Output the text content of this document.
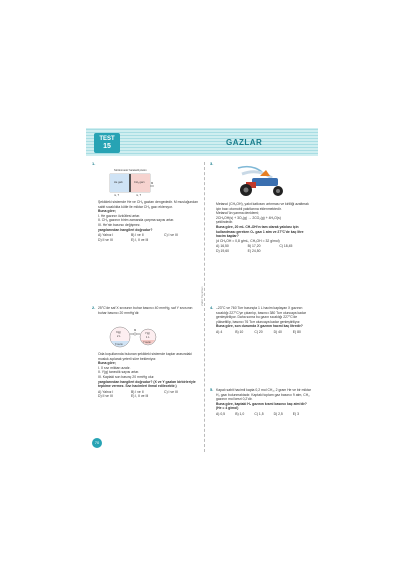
TEST
15	GAZLAR
Zafer Yayınları
Sürtünmesiz hareketli piston
He gazı	CH₄ gazı	M
m, T	m, T
1.

Şekildeki sistemde He ve CH₄ gazları dengededir. M musluğundan sabit sıcaklıkta kütle ile miktar CH₄ gazı eklenıyor.

Buna göre;

I. He gazının özkütlesi artar.

II. CH₄ gazının birim zamanda çarpma sayısı artar.

III. He'nin basıncı değişmez.

yargılarından hangileri doğrudur?

A) Yalnız I	B) I ve II	C) I ve III
D) II ve III	E) I, II ve III
2. 25°C'de saf X sıvısının buhar basıncı 40 mmHg, saf Y sıvısının buhar basıncı 20 mmHg'dir.

M
X(g)
2 L
X sıvısı
Y(g)
1 L
Y sıvısı

Oda koşullarında bulunan şekildeki sistemde kaplar arasındaki musluk açılarak yeterli süre bekleniyor.

Buna göre;

I. X sıvı miktarı azalır.

II. Y(g) taneciik sayısı artar.

III. Kaptaki son basınç 20 mmHg olur.

yargılarından hangileri doğrudur? (X ve Y gazları birbirleriyle tepkime vermez. Sıvı hacimleri ihmal edilecektir.)

A) Yalnız I	B) I ve II	C) I ve III
D) II ve III	E) I, II ve III
3.

Metanol (CH₃OH), yakıt katkısını artırması ve kirliliği azaltmak için bazı otomobil yakıtlarına eklenmektedir.

Metanol'ün yanma denklemi;

2CH₃OH(s) + 3O₂(g) → 2CO₂(g) + 4H₂O(s)

şeklindedir.

Buna göre, 20 mL CH₃OH'ın tam olarak yakılası için kullanılması gereken O₂ gazı 1 atm ve 27°C'de kaç litre hacim kaplar?

(d CH₃OH = 0,8 g/mL, CH₃OH = 32 g/mol)

A) 16,50	B) 17,20	C) 18,45
D) 19,60	E) 24,50
4. –23°C ve 760 Torr basınçta 1 L hacim kaplayan X gazının sıcaklığı 227°C'ye çıkarılıp, basıncı 380 Torr oluncaya kadar genleştiriliyor. Daha sonra bu gazın sıcaklığı 227°C'de yükseltilip, basıncı 76 Torr oluncaya kadar genleştiriliyor.

Buna göre, son durumda X gazının hacmi kaç litredir?

A) 4	B) 10	C) 20	D) 40	E) 80
5. Kapalı sabit hacimli kapta 0,2 mol CH₄, 2 gram He ve bir miktar H₂ gazı bulunmaktadır. Kaptaki toplam gaz basıncı 9 atm, CH₄ gazının mol kesri 0,2'dir.

Buna göre, kaptaki H₂ gazının kısmi basıncı kaç atm'dir? (He = 4 g/mol)

A) 0,5	B) 1,0	C) 1,5	D) 2,5	E) 3
70
